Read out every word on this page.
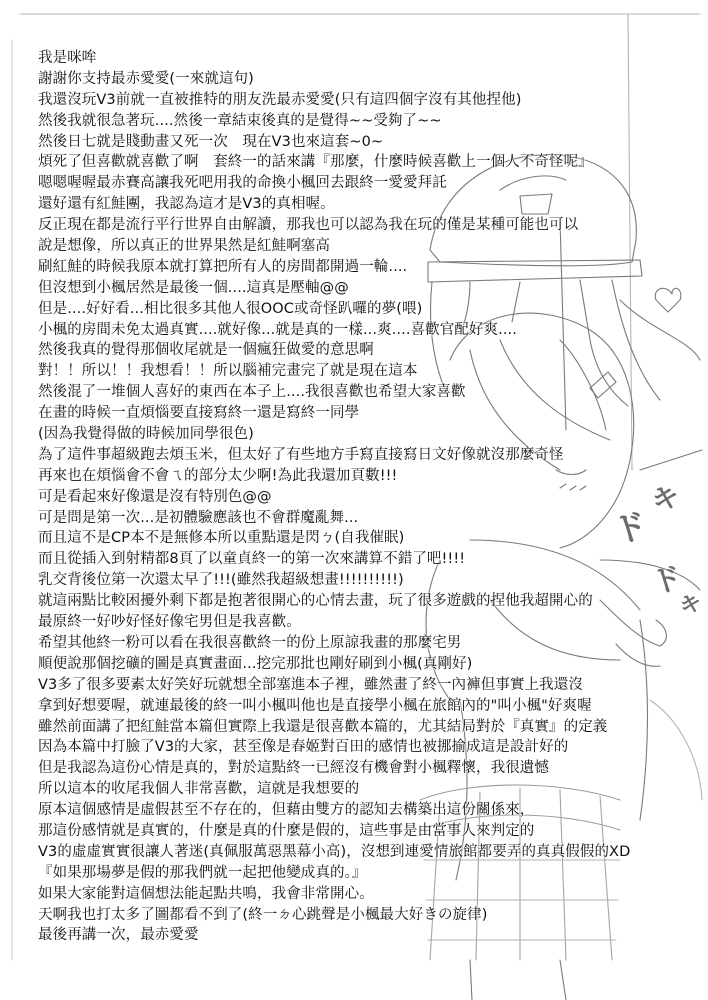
ド
キ
ド
キ
我是咪哞
謝謝你支持最赤愛愛(一來就這句)
我還沒玩V3前就一直被推特的朋友洗最赤愛愛(只有這四個字沒有其他捏他)
然後我就很急著玩....然後一章結束後真的是覺得~~受夠了~~
然後日七就是賤動畫又死一次　現在V3也來這套~0~
煩死了但喜歡就喜歡了啊　套終一的話來講『那麼，什麼時候喜歡上一個人不奇怪呢』
嗯嗯喔喔最赤賽高讓我死吧用我的命換小楓回去跟終一愛愛拜託
還好還有紅鮭團，我認為這才是V3的真相喔。
反正現在都是流行平行世界自由解讀，那我也可以認為我在玩的僅是某種可能也可以
說是想像，所以真正的世界果然是紅鮭啊塞高
刷紅鮭的時候我原本就打算把所有人的房間都開過一輪....
但沒想到小楓居然是最後一個....這真是壓軸@@
但是....好好看...相比很多其他人很OOC或奇怪趴囉的夢(喂)
小楓的房間未免太過真實....就好像...就是真的一樣...爽....喜歡官配好爽....
然後我真的覺得那個收尾就是一個瘋狂做愛的意思啊
對！！所以！！我想看！！所以腦補完畫完了就是現在這本
然後混了一堆個人喜好的東西在本子上....我很喜歡也希望大家喜歡
在畫的時候一直煩惱要直接寫終一還是寫終一同學
(因為我覺得做的時候加同學很色)
為了這件事超級跑去煩玉米，但太好了有些地方手寫直接寫日文好像就沒那麼奇怪
再來也在煩惱會不會ㄟ的部分太少啊!為此我還加頁數!!!
可是看起來好像還是沒有特別色@@
可是問是第一次...是初體驗應該也不會群魔亂舞...
而且這不是CP本不是無修本所以重點還是閃ㄅ(自我催眠)
而且從插入到射精都8頁了以童貞終一的第一次來講算不錯了吧!!!!
乳交背後位第一次還太早了!!!(雖然我超級想畫!!!!!!!!!!)
就這兩點比較困擾外剩下都是抱著很開心的心情去畫，玩了很多遊戲的捏他我超開心的
最原終一好吵好怪好像宅男但是我喜歡。
希望其他終一粉可以看在我很喜歡終一的份上原諒我畫的那麼宅男
順便說那個挖礦的圖是真實畫面...挖完那批也剛好刷到小楓(真剛好)
V3多了很多要素太好笑好玩就想全部塞進本子裡，雖然畫了終一內褲但事實上我還沒
拿到好想要喔，就連最後的終一叫小楓叫他也是直接學小楓在旅館內的"叫小楓"好爽喔
雖然前面講了把紅鮭當本篇但實際上我還是很喜歡本篇的，尤其結局對於『真實』的定義
因為本篇中打臉了V3的大家，甚至像是春姬對百田的感情也被挪揄成這是設計好的
但是我認為這份心情是真的，對於這點終一已經沒有機會對小楓釋懷，我很遺憾
所以這本的收尾我個人非常喜歡，這就是我想要的
原本這個感情是虛假甚至不存在的，但藉由雙方的認知去構築出這份關係來，
那這份感情就是真實的，什麼是真的什麼是假的，這些事是由當事人來判定的
V3的虛虛實實很讓人著迷(真佩服萬惡黑幕小高)，沒想到連愛情旅館都要弄的真真假假的XD
『如果那場夢是假的那我們就一起把他變成真的。』
如果大家能對這個想法能起點共鳴，我會非常開心。
天啊我也打太多了圖都看不到了(終一ㄉ心跳聲是小楓最大好きの旋律)
最後再講一次，最赤愛愛
